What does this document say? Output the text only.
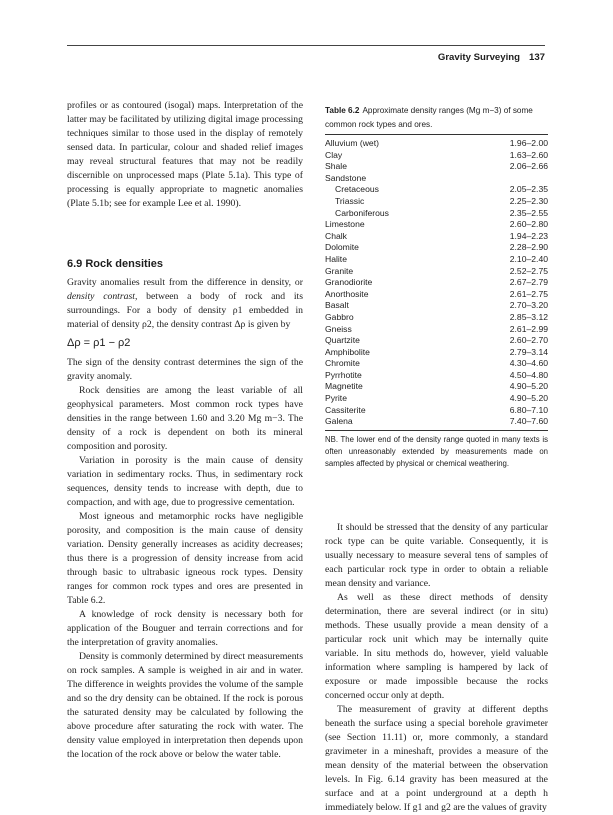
Gravity Surveying 137

profiles or as contoured (isogal) maps. Interpretation of the latter may be facilitated by utilizing digital image processing techniques similar to those used in the display of remotely sensed data. In particular, colour and shaded relief images may reveal structural features that may not be readily discernible on unprocessed maps (Plate 5.1a). This type of processing is equally appropriate to magnetic anomalies (Plate 5.1b; see for example Lee et al. 1990).

6.9 Rock densities

Gravity anomalies result from the difference in density, or density contrast, between a body of rock and its surroundings. For a body of density ρ1 embedded in material of density ρ2, the density contrast Δρ is given by

Δρ = ρ1 − ρ2

The sign of the density contrast determines the sign of the gravity anomaly.

Rock densities are among the least variable of all geophysical parameters. Most common rock types have densities in the range between 1.60 and 3.20 Mg m−3. The density of a rock is dependent on both its mineral composition and porosity.

Variation in porosity is the main cause of density variation in sedimentary rocks. Thus, in sedimentary rock sequences, density tends to increase with depth, due to compaction, and with age, due to progressive cementation.

Most igneous and metamorphic rocks have negligible porosity, and composition is the main cause of density variation. Density generally increases as acidity decreases; thus there is a progression of density increase from acid through basic to ultrabasic igneous rock types. Density ranges for common rock types and ores are presented in Table 6.2.

A knowledge of rock density is necessary both for application of the Bouguer and terrain corrections and for the interpretation of gravity anomalies.

Density is commonly determined by direct measurements on rock samples. A sample is weighed in air and in water. The difference in weights provides the volume of the sample and so the dry density can be obtained. If the rock is porous the saturated density may be calculated by following the above procedure after saturating the rock with water. The density value employed in interpretation then depends upon the location of the rock above or below the water table.

Table 6.2 Approximate density ranges (Mg m−3) of some common rock types and ores.

Alluvium (wet)	1.96–2.00
Clay	1.63–2.60
Shale	2.06–2.66
Sandstone
Cretaceous	2.05–2.35
Triassic	2.25–2.30
Carboniferous	2.35–2.55
Limestone	2.60–2.80
Chalk	1.94–2.23
Dolomite	2.28–2.90
Halite	2.10–2.40
Granite	2.52–2.75
Granodiorite	2.67–2.79
Anorthosite	2.61–2.75
Basalt	2.70–3.20
Gabbro	2.85–3.12
Gneiss	2.61–2.99
Quartzite	2.60–2.70
Amphibolite	2.79–3.14
Chromite	4.30–4.60
Pyrrhotite	4.50–4.80
Magnetite	4.90–5.20
Pyrite	4.90–5.20
Cassiterite	6.80–7.10
Galena	7.40–7.60

NB. The lower end of the density range quoted in many texts is often unreasonably extended by measurements made on samples affected by physical or chemical weathering.

It should be stressed that the density of any particular rock type can be quite variable. Consequently, it is usually necessary to measure several tens of samples of each particular rock type in order to obtain a reliable mean density and variance.

As well as these direct methods of density determination, there are several indirect (or in situ) methods. These usually provide a mean density of a particular rock unit which may be internally quite variable. In situ methods do, however, yield valuable information where sampling is hampered by lack of exposure or made impossible because the rocks concerned occur only at depth.

The measurement of gravity at different depths beneath the surface using a special borehole gravimeter (see Section 11.11) or, more commonly, a standard gravimeter in a mineshaft, provides a measure of the mean density of the material between the observation levels. In Fig. 6.14 gravity has been measured at the surface and at a point underground at a depth h immediately below. If g1 and g2 are the values of gravity
